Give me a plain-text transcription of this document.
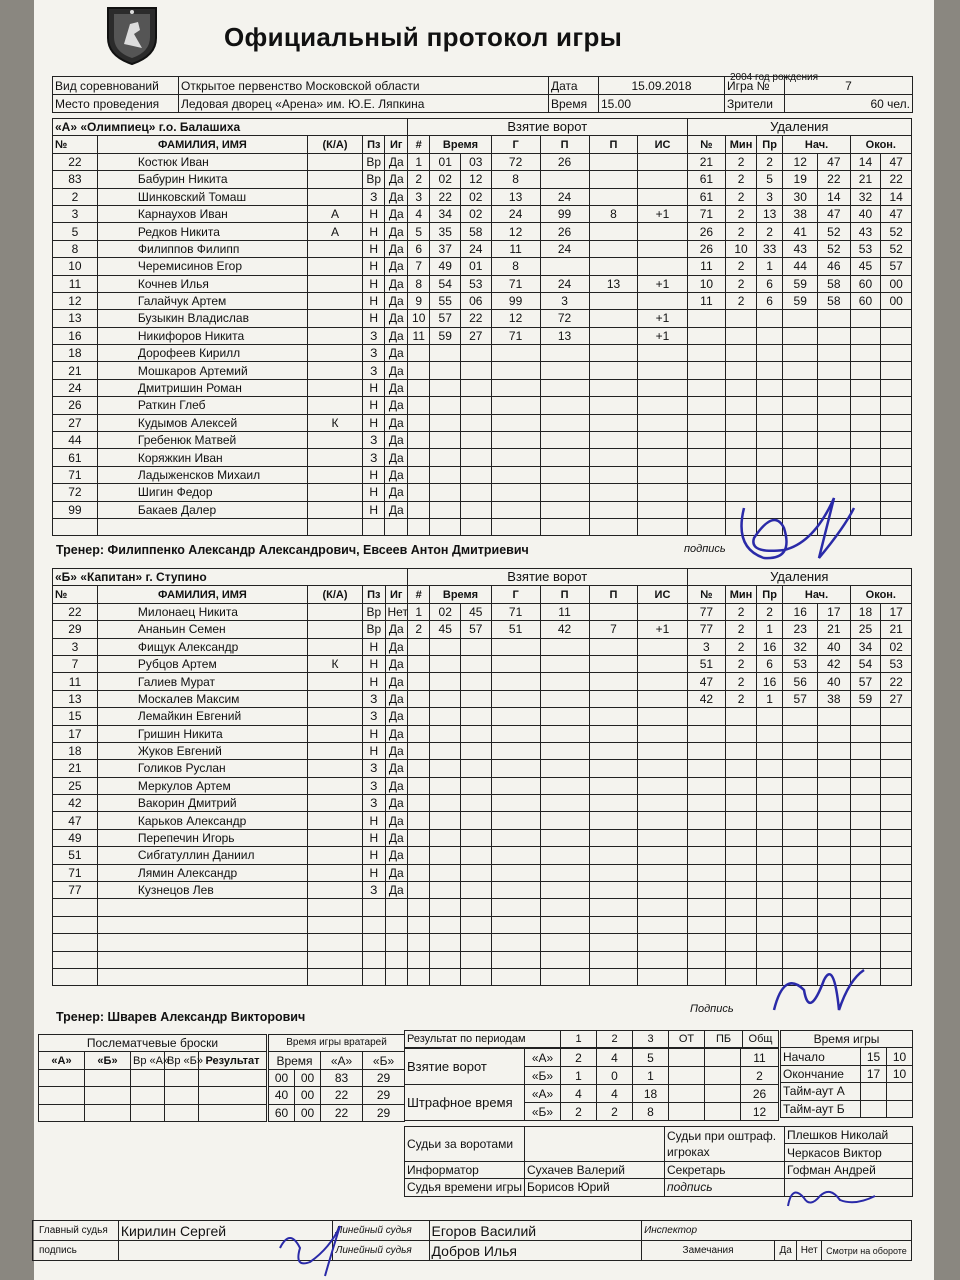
Официальный протокол игры
2004 год рождения
Вид соревнований	Открытое первенство Московской области	Дата	15.09.2018	Игра №	7
Место проведения	Ледовая дворец «Арена» им. Ю.Е. Ляпкина	Время	15.00	Зрители	60 чел.
«А» «Олимпиец» г.о. Балашиха					Взятие ворот							Удаления						
№	ФАМИЛИЯ, ИМЯ	(К/А)	Пз	Иг	#	Время		Г	П	П	ИС	№	Мин	Пр	Нач.		Окон.	
22	Костюк Иван		Вр	Да	1	01	03	72	26			21	2	2	12	47	14	47
83	Бабурин Никита		Вр	Да	2	02	12	8				61	2	5	19	22	21	22
2	Шинковский Томаш		З	Да	3	22	02	13	24			61	2	3	30	14	32	14
3	Карнаухов Иван	А	Н	Да	4	34	02	24	99	8	+1	71	2	13	38	47	40	47
5	Редков Никита	А	Н	Да	5	35	58	12	26			26	2	2	41	52	43	52
8	Филиппов Филипп		Н	Да	6	37	24	11	24			26	10	33	43	52	53	52
10	Черемисинов Егор		Н	Да	7	49	01	8				11	2	1	44	46	45	57
11	Кочнев Илья		Н	Да	8	54	53	71	24	13	+1	10	2	6	59	58	60	00
12	Галайчук Артем		Н	Да	9	55	06	99	3			11	2	6	59	58	60	00
13	Бузыкин Владислав		Н	Да	10	57	22	12	72		+1							
16	Никифоров Никита		З	Да	11	59	27	71	13		+1							
18	Дорофеев Кирилл		З	Да														
21	Мошкаров Артемий		З	Да														
24	Дмитришин Роман		Н	Да														
26	Раткин Глеб		Н	Да														
27	Кудымов Алексей	К	Н	Да														
44	Гребенюк Матвей		З	Да														
61	Коряжкин Иван		З	Да														
71	Ладыженсков Михаил		Н	Да														
72	Шигин Федор		Н	Да														
99	Бакаев Далер		Н	Да														

Тренер: Филиппенко Александр Александрович, Евсеев Антон Дмитриевич	подпись
«Б» «Капитан» г. Ступино					Взятие ворот							Удаления						
№	ФАМИЛИЯ, ИМЯ	(К/А)	Пз	Иг	#	Время		Г	П	П	ИС	№	Мин	Пр	Нач.		Окон.	
22	Милонаец Никита		Вр	Нет	1	02	45	71	11			77	2	2	16	17	18	17
29	Ананьин Семен		Вр	Да	2	45	57	51	42	7	+1	77	2	1	23	21	25	21
3	Фищук Александр		Н	Да								3	2	16	32	40	34	02
7	Рубцов Артем	К	Н	Да								51	2	6	53	42	54	53
11	Галиев Мурат		Н	Да								47	2	16	56	40	57	22
13	Москалев Максим		З	Да								42	2	1	57	38	59	27
15	Лемайкин Евгений		З	Да														
17	Гришин Никита		Н	Да														
18	Жуков Евгений		Н	Да														
21	Голиков Руслан		З	Да														
25	Меркулов Артем		З	Да														
42	Вакорин Дмитрий		З	Да														
47	Карьков Александр		Н	Да														
49	Перепечин Игорь		Н	Да														
51	Сибгатуллин Даниил		Н	Да														
71	Лямин Александр		Н	Да														
77	Кузнецов Лев		З	Да														

Тренер: Шварев Александр Викторович
Подпись
Послематчевые броски				
«А»	«Б»	Вр «А»	Вр «Б»	Результат

Время игры вратарей			
Время		«А»	«Б»
00	00	83	29
40	00	22	29
60	00	22	29
Результат по периодам	1	2	3	ОТ	ПБ	Общ
Взятие ворот	«А»	2	4	5			11
	«Б»	1	0	1			2
Штрафное время	«А»	4	4	18			26
	«Б»	2	2	8			12
Время игры		
Начало	15	10
Окончание	17	10
Тайм-аут А		
Тайм-аут Б		
Судьи за воротами		Судьи при оштраф. игроках	Плешков Николай
			Черкасов Виктор
Информатор	Сухачев Валерий	Секретарь	Гофман Андрей
Судья времени игры	Борисов Юрий	подпись	
Главный судья	Кирилин Сергей	Линейный судья	Егоров Василий	Инспектор			
подпись		Линейный судья	Добров Илья	Замечания	Да	Нет	Смотри на обороте
